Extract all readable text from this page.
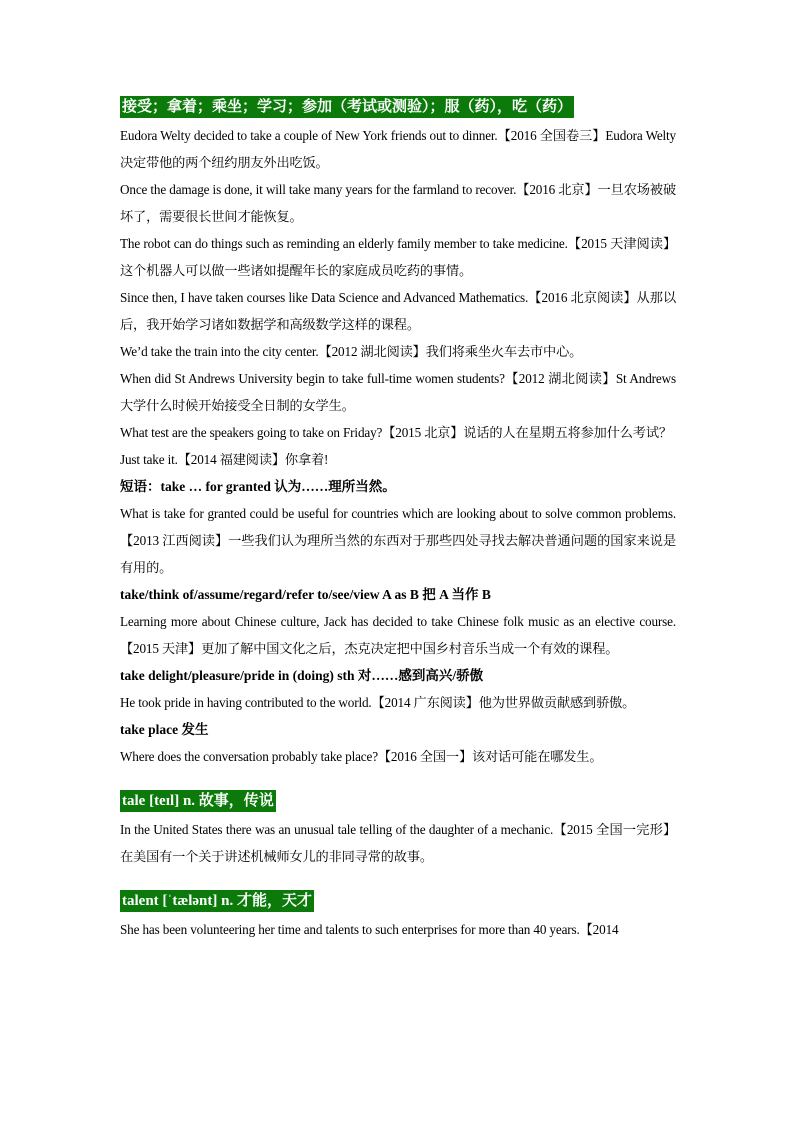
接受；拿着；乘坐；学习；参加（考试或测验）；服（药），吃（药）
Eudora Welty decided to take a couple of New York friends out to dinner.【2016 全国卷三】Eudora Welty 决定带他的两个纽约朋友外出吃饭。
Once the damage is done, it will take many years for the farmland to recover.【2016 北京】一旦农场被破坏了，需要很长世间才能恢复。
The robot can do things such as reminding an elderly family member to take medicine.【2015 天津阅读】这个机器人可以做一些诸如提醒年长的家庭成员吃药的事情。
Since then, I have taken courses like Data Science and Advanced Mathematics.【2016 北京阅读】从那以后，我开始学习诸如数据学和高级数学这样的课程。
We’d take the train into the city center.【2012 湖北阅读】我们将乘坐火车去市中心。
When did St Andrews University begin to take full-time women students?【2012 湖北阅读】St Andrews 大学什么时候开始接受全日制的女学生。
What test are the speakers going to take on Friday?【2015 北京】说话的人在星期五将参加什么考试？
Just take it.【2014 福建阅读】你拿着!
短语：take … for granted 认为……理所当然。
What is take for granted could be useful for countries which are looking about to solve common problems.【2013 江西阅读】一些我们认为理所当然的东西对于那些四处寻找去解决普通问题的国家来说是有用的。
take/think of/assume/regard/refer to/see/view A as B 把 A 当作 B
Learning more about Chinese culture, Jack has decided to take Chinese folk music as an elective course.【2015 天津】更加了解中国文化之后，杰克决定把中国乡村音乐当成一个有效的课程。
take delight/pleasure/pride in (doing) sth 对……感到高兴/骄傲
He took pride in having contributed to the world.【2014 广东阅读】他为世界做贡献感到骄傲。
take place 发生
Where does the conversation probably take place?【2016 全国一】该对话可能在哪发生。
tale [teɪl] n. 故事，传说
In the United States there was an unusual tale telling of the daughter of a mechanic.【2015 全国一完形】在美国有一个关于讲述机械师女儿的非同寻常的故事。
talent [ˈtælənt] n. 才能，天才
She has been volunteering her time and talents to such enterprises for more than 40 years.【2014
